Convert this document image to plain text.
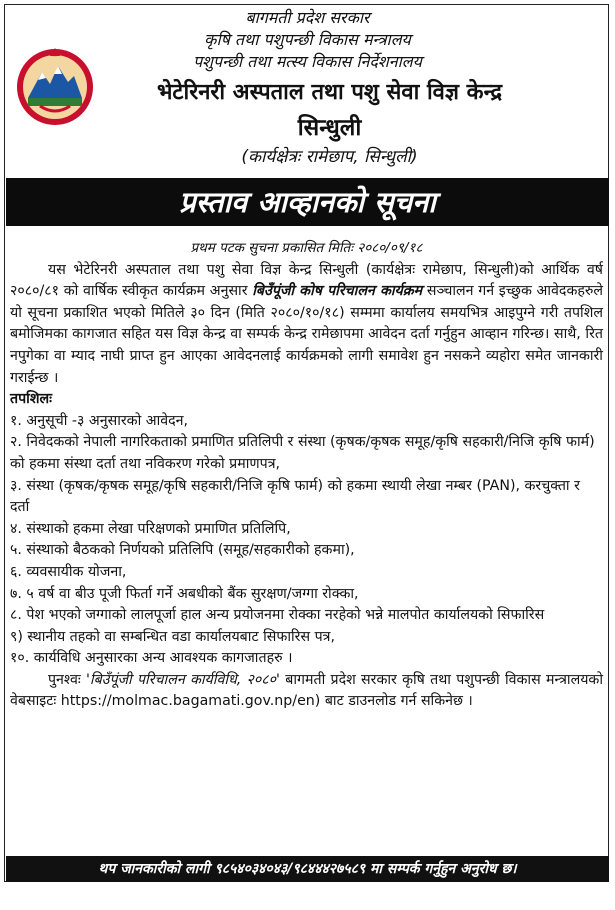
बागमती प्रदेश सरकार
कृषि तथा पशुपन्छी विकास मन्त्रालय
पशुपन्छी तथा मत्स्य विकास निर्देशनालय
भेटेरिनरी अस्पताल तथा पशु सेवा विज्ञ केन्द्र
सिन्धुली
(कार्यक्षेत्रः रामेछाप, सिन्धुली)
प्रस्ताव आव्हानको सूचना
प्रथम पटक सुचना प्रकासित मितिः २०८०/०९/१८
यस भेटेरिनरी अस्पताल तथा पशु सेवा विज्ञ केन्द्र सिन्धुली (कार्यक्षेत्रः रामेछाप, सिन्धुली)को आर्थिक वर्ष २०८०/८१ को वार्षिक स्वीकृत कार्यक्रम अनुसार बिउँपूंजी कोष परिचालन कार्यक्रम सञ्चालन गर्न इच्छुक आवेदकहरुले यो सूचना प्रकाशित भएको मितिले ३० दिन (मिति २०८०/१०/१८) सम्ममा कार्यालय समयभित्र आइपुग्ने गरी तपशिल बमोजिमका कागजात सहित यस विज्ञ केन्द्र वा सम्पर्क केन्द्र रामेछापमा आवेदन दर्ता गर्नुहुन आव्हान गरिन्छ। साथै, रित नपुगेका वा म्याद नाघी प्राप्त हुन आएका आवेदनलाई कार्यक्रमको लागी समावेश हुन नसकने व्यहोरा समेत जानकारी गराईन्छ ।
तपशिलः
१. अनुसूची -३ अनुसारको आवेदन,
२. निवेदकको नेपाली नागरिकताको प्रमाणित प्रतिलिपी र संस्था (कृषक/कृषक समूह/कृषि सहकारी/निजि कृषि फार्म) को हकमा संस्था दर्ता तथा नविकरण गरेको प्रमाणपत्र,
३. संस्था (कृषक/कृषक समूह/कृषि सहकारी/निजि कृषि फार्म) को हकमा स्थायी लेखा नम्बर (PAN), करचुक्ता र दर्ता
४. संस्थाको हकमा लेखा परिक्षणको प्रमाणित प्रतिलिपि,
५. संस्थाको बैठकको निर्णयको प्रतिलिपि (समूह/सहकारीको हकमा),
६. व्यवसायीक योजना,
७. ५ वर्ष वा बीउ पूजी फिर्ता गर्ने अबधीको बैंक सुरक्षण/जग्गा रोक्का,
८. पेश भएको जग्गाको लालपूर्जा हाल अन्य प्रयोजनमा रोक्का नरहेको भन्ने मालपोत कार्यालयको सिफारिस
९) स्थानीय तहको वा सम्बन्धित वडा कार्यालयबाट सिफारिस पत्र,
१०. कार्यविधि अनुसारका अन्य आवश्यक कागजातहरु ।
पुनश्वः 'बिउँपूंजी परिचालन कार्यविधि, २०८०' बागमती प्रदेश सरकार कृषि तथा पशुपन्छी विकास मन्त्रालयको वेबसाइटः https://molmac.bagamati.gov.np/en) बाट डाउनलोड गर्न सकिनेछ ।
थप जानकारीको लागी ९८५४०३४०४३/९८४४४२७५८९ मा सम्पर्क गर्नुहुन अनुरोध छ।
